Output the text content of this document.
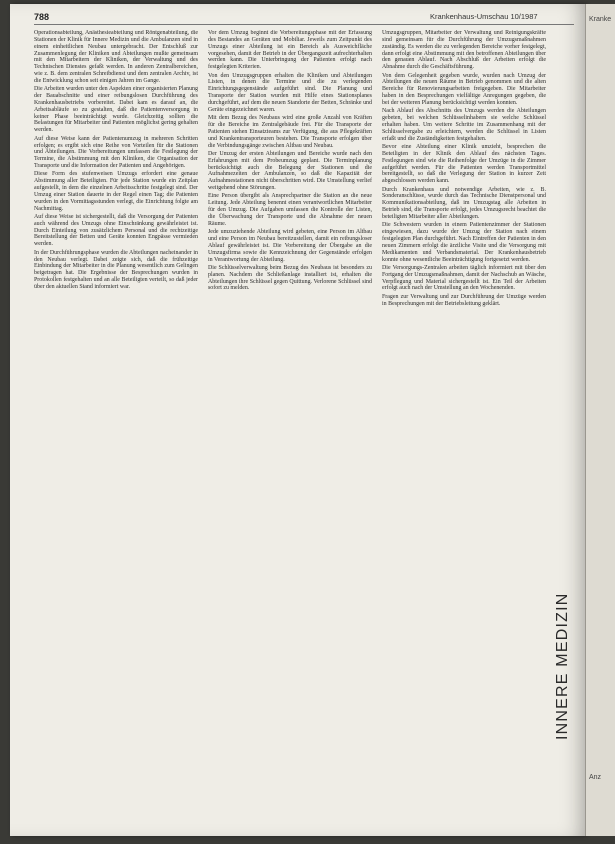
788	Krankenhaus-Umschau 10/1987

Operationsabteilung, Anästhesieabteilung und Röntgenabteilung, die Stationen der Klinik für Innere Medizin und die Ambulanzen sind in einem einheitlichen Neubau untergebracht. Der Entschluß zur Zusammenlegung der Kliniken und Abteilungen mußte gemeinsam mit den Mitarbeitern der Kliniken, der Verwaltung und des Technischen Dienstes gefaßt werden. In anderen Zentralbereichen, wie z. B. dem zentralen Schreibdienst und dem zentralen Archiv, ist die Entwicklung schon seit einigen Jahren im Gange.

Die Arbeiten wurden unter den Aspekten einer organisierten Planung der Bauabschnitte und einer reibungslosen Durchführung des Krankenhausbetriebs vorbereitet. Dabei kam es darauf an, die Arbeitsabläufe so zu gestalten, daß die Patientenversorgung in keiner Phase beeinträchtigt wurde. Gleichzeitig sollten die Belastungen für Mitarbeiter und Patienten möglichst gering gehalten werden.

Auf diese Weise kann der Patientenumzug in mehreren Schritten erfolgen; es ergibt sich eine Reihe von Vorteilen für die Stationen und Abteilungen. Die Vorbereitungen umfassen die Festlegung der Termine, die Abstimmung mit den Kliniken, die Organisation der Transporte und die Information der Patienten und Angehörigen.

Diese Form des stufenweisen Umzugs erfordert eine genaue Abstimmung aller Beteiligten. Für jede Station wurde ein Zeitplan aufgestellt, in dem die einzelnen Arbeitsschritte festgelegt sind. Der Umzug einer Station dauerte in der Regel einen Tag; die Patienten wurden in den Vormittagsstunden verlegt, die Einrichtung folgte am Nachmittag.

Auf diese Weise ist sichergestellt, daß die Versorgung der Patienten auch während des Umzugs ohne Einschränkung gewährleistet ist. Durch Einteilung von zusätzlichem Personal und die rechtzeitige Bereitstellung der Betten und Geräte konnten Engpässe vermieden werden.

In der Durchführungsphase wurden die Abteilungen nacheinander in den Neubau verlegt. Dabei zeigte sich, daß die frühzeitige Einbindung der Mitarbeiter in die Planung wesentlich zum Gelingen beigetragen hat. Die Ergebnisse der Besprechungen wurden in Protokollen festgehalten und an alle Beteiligten verteilt, so daß jeder über den aktuellen Stand informiert war.

Vor dem Umzug beginnt die Vorbereitungsphase mit der Erfassung des Bestandes an Geräten und Mobiliar. Jeweils zum Zeitpunkt des Umzugs einer Abteilung ist ein Bereich als Ausweichfläche vorgesehen, damit der Betrieb in der Übergangszeit aufrechterhalten werden kann. Die Unterbringung der Patienten erfolgt nach festgelegten Kriterien.

Von den Umzugsgruppen erhalten die Kliniken und Abteilungen Listen, in denen die Termine und die zu verlegenden Einrichtungsgegenstände aufgeführt sind. Die Planung und Transporte der Station wurden mit Hilfe eines Stationsplanes durchgeführt, auf dem die neuen Standorte der Betten, Schränke und Geräte eingezeichnet waren.

Mit dem Bezug des Neubaus wird eine große Anzahl von Kräften für die Bereiche im Zentralgebäude frei. Für die Transporte der Patienten stehen Einsatzteams zur Verfügung, die aus Pflegekräften und Krankentransporteuren bestehen. Die Transporte erfolgen über die Verbindungsgänge zwischen Altbau und Neubau.

Der Umzug der ersten Abteilungen und Bereiche wurde nach den Erfahrungen mit dem Probeumzug geplant. Die Terminplanung berücksichtigt auch die Belegung der Stationen und die Aufnahmezeiten der Ambulanzen, so daß die Kapazität der Aufnahmestationen nicht überschritten wird. Die Umstellung verlief weitgehend ohne Störungen.

Eine Person übergibt als Ansprechpartner die Station an die neue Leitung. Jede Abteilung benennt einen verantwortlichen Mitarbeiter für den Umzug. Die Aufgaben umfassen die Kontrolle der Listen, die Überwachung der Transporte und die Abnahme der neuen Räume.

Jede umzuziehende Abteilung wird gebeten, eine Person im Altbau und eine Person im Neubau bereitzustellen, damit ein reibungsloser Ablauf gewährleistet ist. Die Vorbereitung der Übergabe an die Umzugsfirma sowie die Kennzeichnung der Gegenstände erfolgen in Verantwortung der Abteilung.

Die Schlüsselverwaltung beim Bezug des Neubaus ist besonders zu planen. Nachdem die Schließanlage installiert ist, erhalten die Abteilungen ihre Schlüssel gegen Quittung. Verlorene Schlüssel sind sofort zu melden.

Umzugsgruppen, Mitarbeiter der Verwaltung und Reinigungskräfte sind gemeinsam für die Durchführung der Umzugsmaßnahmen zuständig. Es werden die zu verlegenden Bereiche vorher festgelegt, dann erfolgt eine Abstimmung mit den betroffenen Abteilungen über den genauen Ablauf. Nach Abschluß der Arbeiten erfolgt die Abnahme durch die Geschäftsführung.

Von dem Gelegenheit gegeben wurde, wurden nach Umzug der Abteilungen die neuen Räume in Betrieb genommen und die alten Bereiche für Renovierungsarbeiten freigegeben. Die Mitarbeiter haben in den Besprechungen vielfältige Anregungen gegeben, die bei der weiteren Planung berücksichtigt werden konnten.

Nach Ablauf des Abschnitts des Umzugs werden die Abteilungen gebeten, bei welchen Schlüsselinhabern sie welche Schlüssel erhalten haben. Um weitere Schritte im Zusammenhang mit der Schlüsselvergabe zu erleichtern, werden die Schlüssel in Listen erfaßt und die Zuständigkeiten festgehalten.

Bevor eine Abteilung einer Klinik umzieht, besprechen die Beteiligten in der Klinik den Ablauf des nächsten Tages. Festlegungen sind wie die Reihenfolge der Umzüge in die Zimmer aufgeführt werden. Für die Patienten werden Transportmittel bereitgestellt, so daß die Verlegung der Station in kurzer Zeit abgeschlossen werden kann.

Durch Krankenhaus und notwendige Arbeiten, wie z. B. Sonderanschlüsse, wurde durch das Technische Dienstpersonal und Kommunikationsabteilung, daß im Umzugstag alle Arbeiten in Betrieb sind, die Transporte erfolgt, jedes Umzugsrecht beachtet die beteiligten Mitarbeiter aller Abteilungen.

Die Schwestern wurden in einem Patientenzimmer der Stationen eingewiesen, dazu wurde der Umzug der Station nach einem festgelegten Plan durchgeführt. Nach Eintreffen der Patienten in den neuen Zimmern erfolgt die ärztliche Visite und die Versorgung mit Medikamenten und Verbandsmaterial. Der Krankenhausbetrieb konnte ohne wesentliche Beeinträchtigung fortgesetzt werden.

Die Versorgungs-Zentralen arbeiten täglich informiert mit über den Fortgang der Umzugsmaßnahmen, damit der Nachschub an Wäsche, Verpflegung und Material sichergestellt ist. Ein Teil der Arbeiten erfolgt auch nach der Umstellung an den Wochenenden.

Fragen zur Verwaltung und zur Durchführung der Umzüge werden in Besprechungen mit der Betriebsleitung geklärt.

INNERE MEDIZIN
Kranke
Anz
